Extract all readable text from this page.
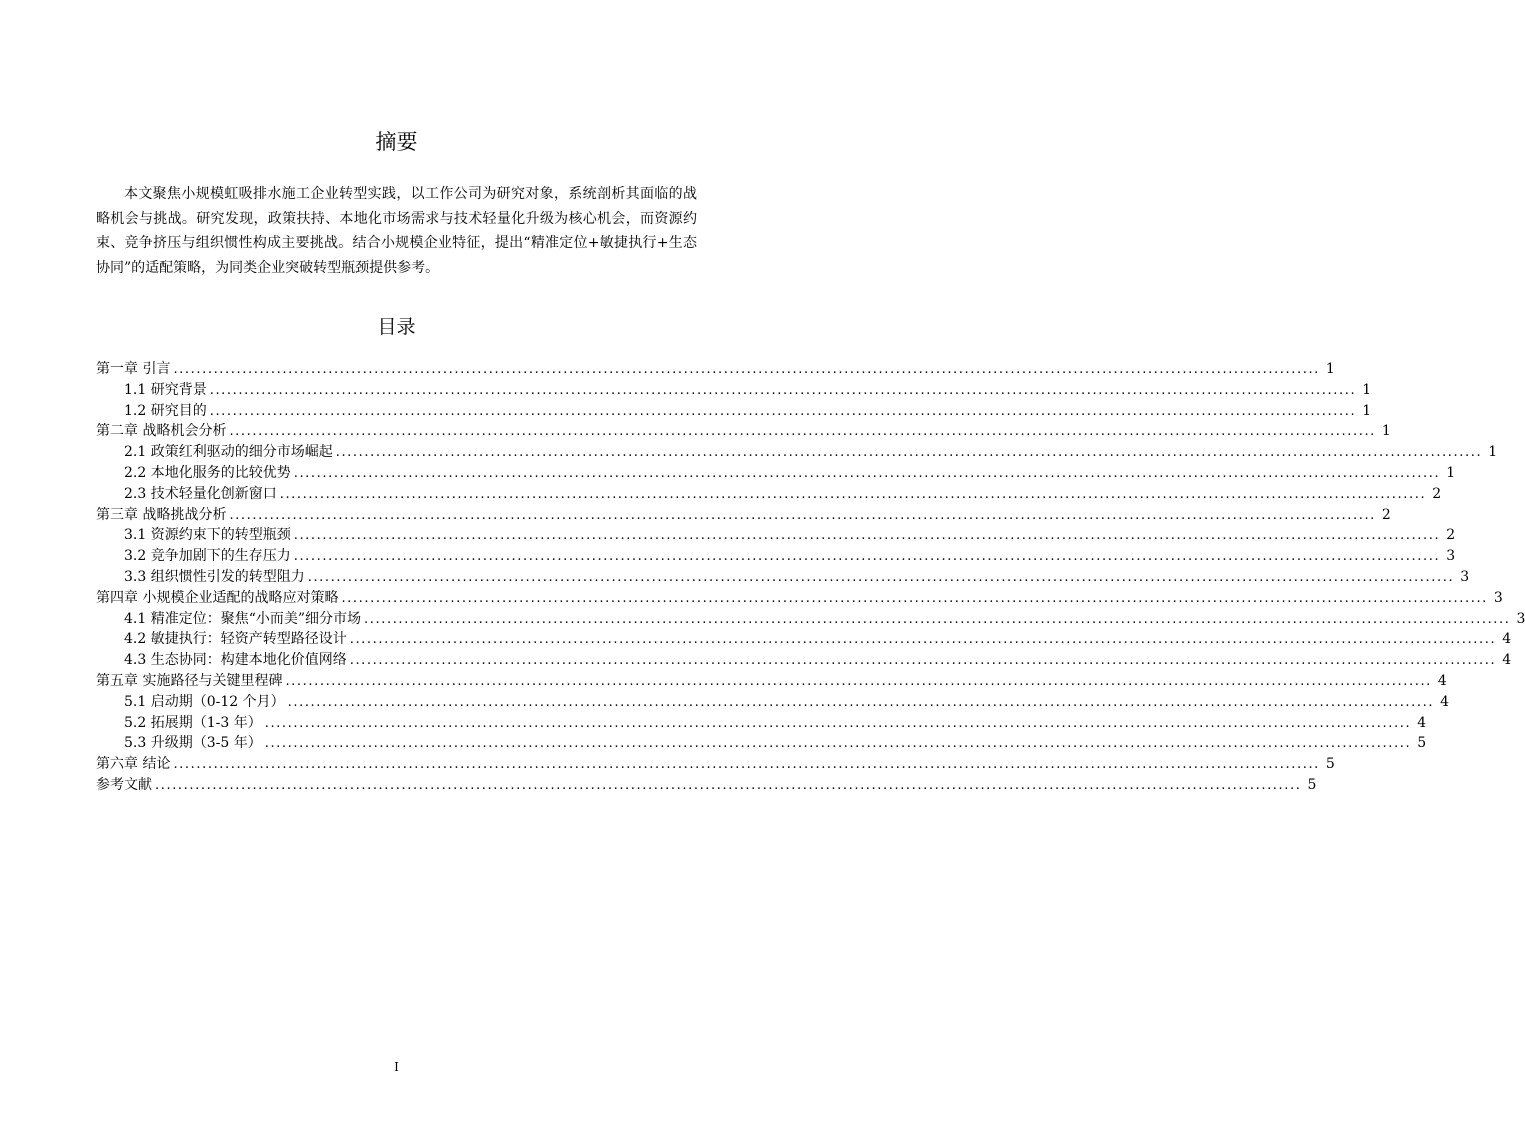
摘要

本文聚焦小规模虹吸排水施工企业转型实践，以工作公司为研究对象，系统剖析其面临的战略机会与挑战。研究发现，政策扶持、本地化市场需求与技术轻量化升级为核心机会，而资源约束、竞争挤压与组织惯性构成主要挑战。结合小规模企业特征，提出“精准定位+敏捷执行+生态协同”的适配策略，为同类企业突破转型瓶颈提供参考。

目录
第一章 引言 ........................................................................................................................................................................................................ 1
1.1 研究背景 ........................................................................................................................................................................................................ 1
1.2 研究目的 ........................................................................................................................................................................................................ 1
第二章 战略机会分析 ........................................................................................................................................................................................................ 1
2.1 政策红利驱动的细分市场崛起 ........................................................................................................................................................................................................ 1
2.2 本地化服务的比较优势 ........................................................................................................................................................................................................ 1
2.3 技术轻量化创新窗口 ........................................................................................................................................................................................................ 2
第三章 战略挑战分析 ........................................................................................................................................................................................................ 2
3.1 资源约束下的转型瓶颈 ........................................................................................................................................................................................................ 2
3.2 竞争加剧下的生存压力 ........................................................................................................................................................................................................ 3
3.3 组织惯性引发的转型阻力 ........................................................................................................................................................................................................ 3
第四章 小规模企业适配的战略应对策略 ........................................................................................................................................................................................................ 3
4.1 精准定位：聚焦“小而美”细分市场 ........................................................................................................................................................................................................ 3
4.2 敏捷执行：轻资产转型路径设计 ........................................................................................................................................................................................................ 4
4.3 生态协同：构建本地化价值网络 ........................................................................................................................................................................................................ 4
第五章 实施路径与关键里程碑 ........................................................................................................................................................................................................ 4
5.1 启动期（0-12 个月） ........................................................................................................................................................................................................ 4
5.2 拓展期（1-3 年） ........................................................................................................................................................................................................ 4
5.3 升级期（3-5 年） ........................................................................................................................................................................................................ 5
第六章 结论 ........................................................................................................................................................................................................ 5
参考文献 ........................................................................................................................................................................................................ 5
I
